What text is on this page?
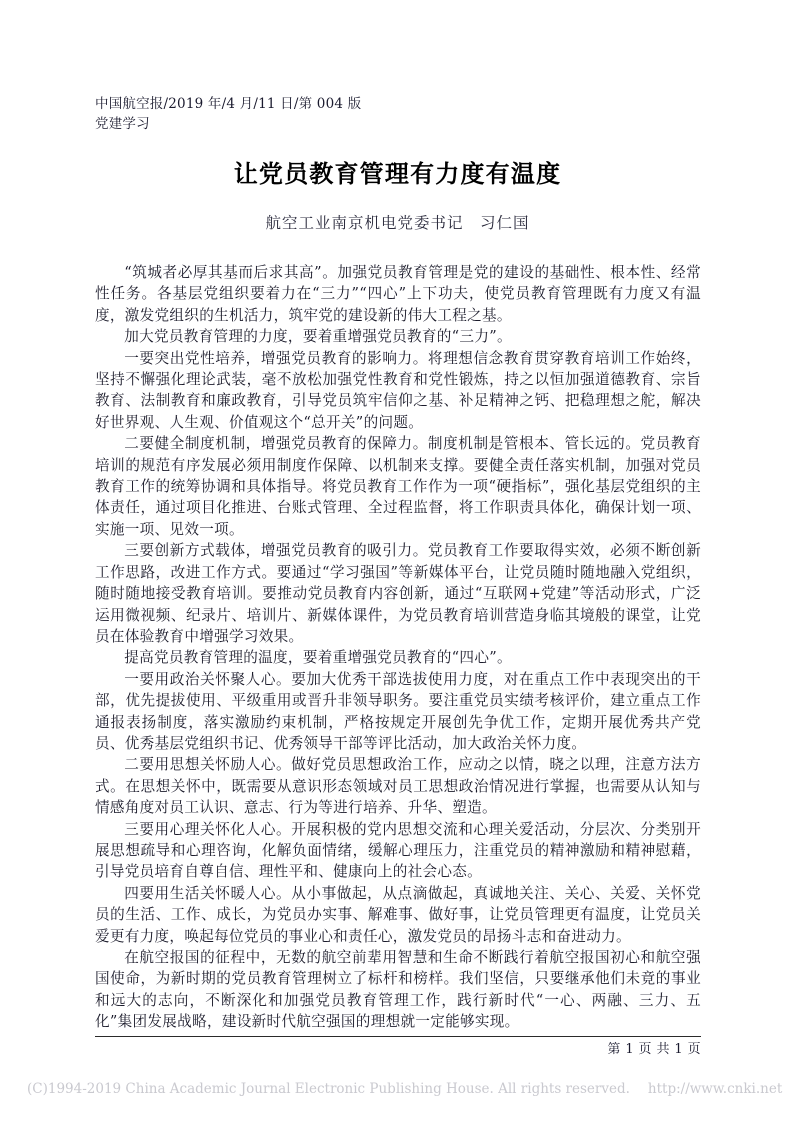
中国航空报/2019 年/4 月/11 日/第 004 版
党建学习
让党员教育管理有力度有温度
航空工业南京机电党委书记　习仁国

“筑城者必厚其基而后求其高”。加强党员教育管理是党的建设的基础性、根本性、经常性任务。各基层党组织要着力在“三力”“四心”上下功夫，使党员教育管理既有力度又有温度，激发党组织的生机活力，筑牢党的建设新的伟大工程之基。

加大党员教育管理的力度，要着重增强党员教育的“三力”。

一要突出党性培养，增强党员教育的影响力。将理想信念教育贯穿教育培训工作始终，坚持不懈强化理论武装，毫不放松加强党性教育和党性锻炼，持之以恒加强道德教育、宗旨教育、法制教育和廉政教育，引导党员筑牢信仰之基、补足精神之钙、把稳理想之舵，解决好世界观、人生观、价值观这个“总开关”的问题。

二要健全制度机制，增强党员教育的保障力。制度机制是管根本、管长远的。党员教育培训的规范有序发展必须用制度作保障、以机制来支撑。要健全责任落实机制，加强对党员教育工作的统筹协调和具体指导。将党员教育工作作为一项“硬指标”，强化基层党组织的主体责任，通过项目化推进、台账式管理、全过程监督，将工作职责具体化，确保计划一项、实施一项、见效一项。

三要创新方式载体，增强党员教育的吸引力。党员教育工作要取得实效，必须不断创新工作思路，改进工作方式。要通过“学习强国”等新媒体平台，让党员随时随地融入党组织，随时随地接受教育培训。要推动党员教育内容创新，通过“互联网+党建”等活动形式，广泛运用微视频、纪录片、培训片、新媒体课件，为党员教育培训营造身临其境般的课堂，让党员在体验教育中增强学习效果。

提高党员教育管理的温度，要着重增强党员教育的“四心”。

一要用政治关怀聚人心。要加大优秀干部选拔使用力度，对在重点工作中表现突出的干部，优先提拔使用、平级重用或晋升非领导职务。要注重党员实绩考核评价，建立重点工作通报表扬制度，落实激励约束机制，严格按规定开展创先争优工作，定期开展优秀共产党员、优秀基层党组织书记、优秀领导干部等评比活动，加大政治关怀力度。

二要用思想关怀励人心。做好党员思想政治工作，应动之以情，晓之以理，注意方法方式。在思想关怀中，既需要从意识形态领域对员工思想政治情况进行掌握，也需要从认知与情感角度对员工认识、意志、行为等进行培养、升华、塑造。

三要用心理关怀化人心。开展积极的党内思想交流和心理关爱活动，分层次、分类别开展思想疏导和心理咨询，化解负面情绪，缓解心理压力，注重党员的精神激励和精神慰藉，引导党员培育自尊自信、理性平和、健康向上的社会心态。

四要用生活关怀暖人心。从小事做起，从点滴做起，真诚地关注、关心、关爱、关怀党员的生活、工作、成长，为党员办实事、解难事、做好事，让党员管理更有温度，让党员关爱更有力度，唤起每位党员的事业心和责任心，激发党员的昂扬斗志和奋进动力。

在航空报国的征程中，无数的航空前辈用智慧和生命不断践行着航空报国初心和航空强国使命，为新时期的党员教育管理树立了标杆和榜样。我们坚信，只要继承他们未竟的事业和远大的志向，不断深化和加强党员教育管理工作，践行新时代“一心、两融、三力、五化”集团发展战略，建设新时代航空强国的理想就一定能够实现。

第 1 页 共 1 页
(C)1994-2019 China Academic Journal Electronic Publishing House. All rights reserved. http://www.cnki.net
